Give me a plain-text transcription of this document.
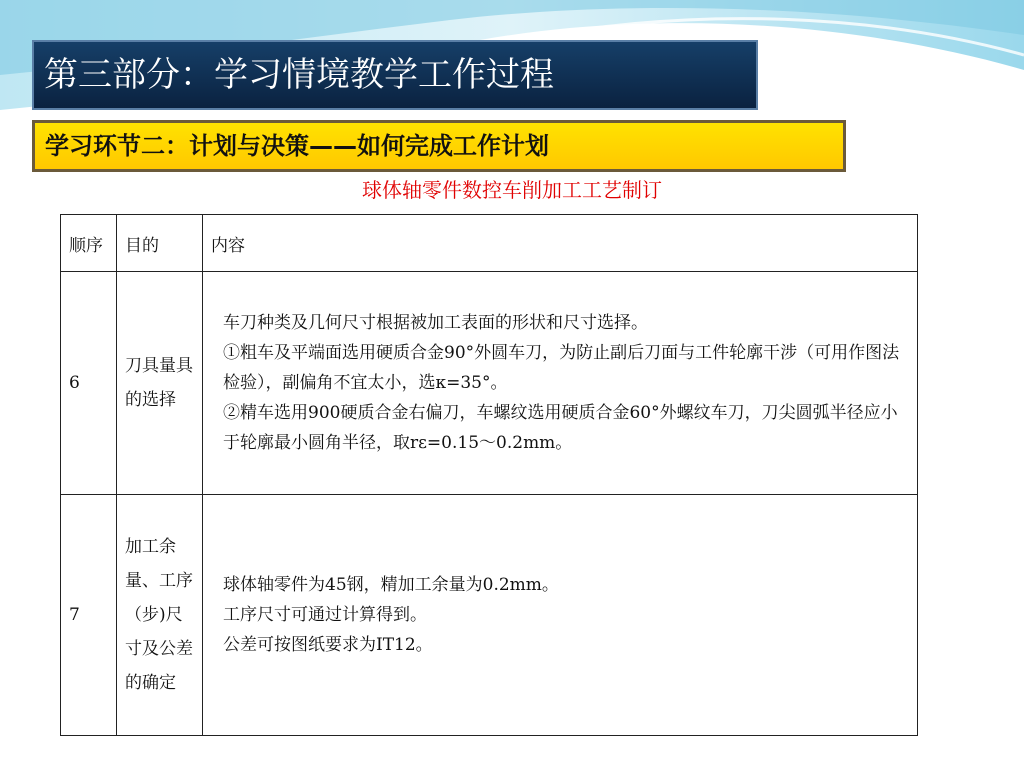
第三部分：学习情境教学工作过程
学习环节二：计划与决策——如何完成工作计划
球体轴零件数控车削加工工艺制订
顺序	目的	内容
6	刀具量具的选择	车刀种类及几何尺寸根据被加工表面的形状和尺寸选择。
①粗车及平端面选用硬质合金90°外圆车刀，为防止副后刀面与工件轮廓干涉（可用作图法检验），副偏角不宜太小，选κ=35°。
②精车选用900硬质合金右偏刀，车螺纹选用硬质合金60°外螺纹车刀，刀尖圆弧半径应小于轮廓最小圆角半径，取rε=0.15～0.2mm。

7	加工余量、工序（步)尺寸及公差的确定	球体轴零件为45钢，精加工余量为0.2mm。
工序尺寸可通过计算得到。
公差可按图纸要求为IT12。
